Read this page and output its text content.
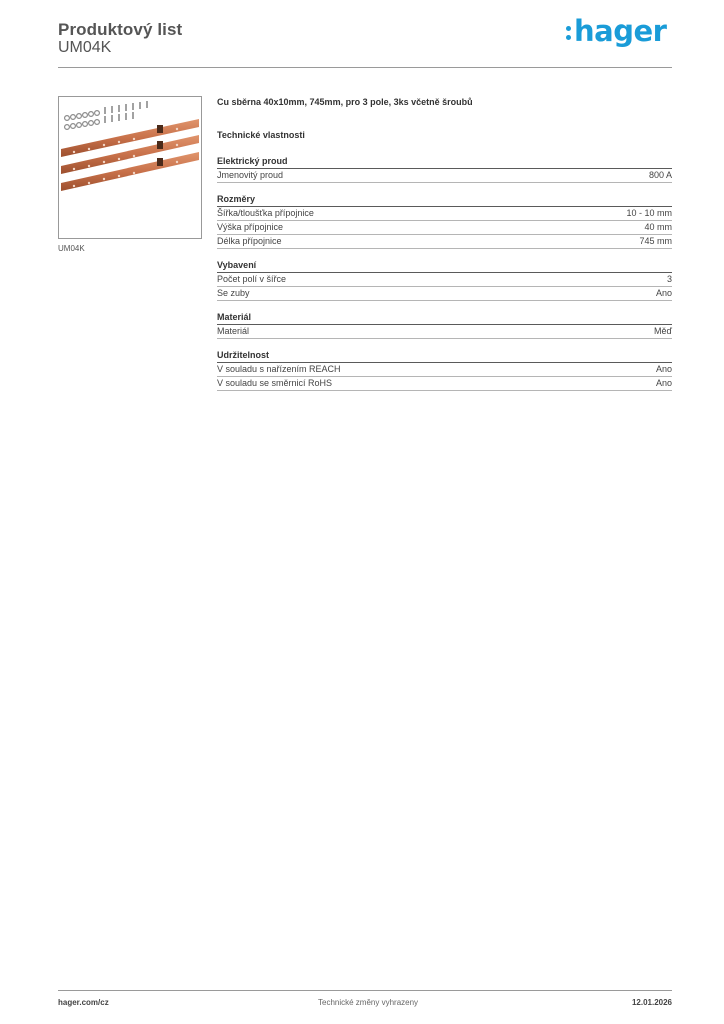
Produktový list
UM04K	hager
UM04K
Cu sběrna 40x10mm, 745mm, pro 3 pole, 3ks včetně šroubů
Technické vlastnosti
Elektrický proud
Jmenovitý proud	800 A
Rozměry
Šířka/tloušťka přípojnice	10 - 10 mm
Výška přípojnice	40 mm
Délka přípojnice	745 mm
Vybavení
Počet polí v šířce	3
Se zuby	Ano
Materiál
Materiál	Měď
Udržitelnost
V souladu s nařízením REACH	Ano
V souladu se směrnicí RoHS	Ano
hager.com/cz	Technické změny vyhrazeny	12.01.2026
